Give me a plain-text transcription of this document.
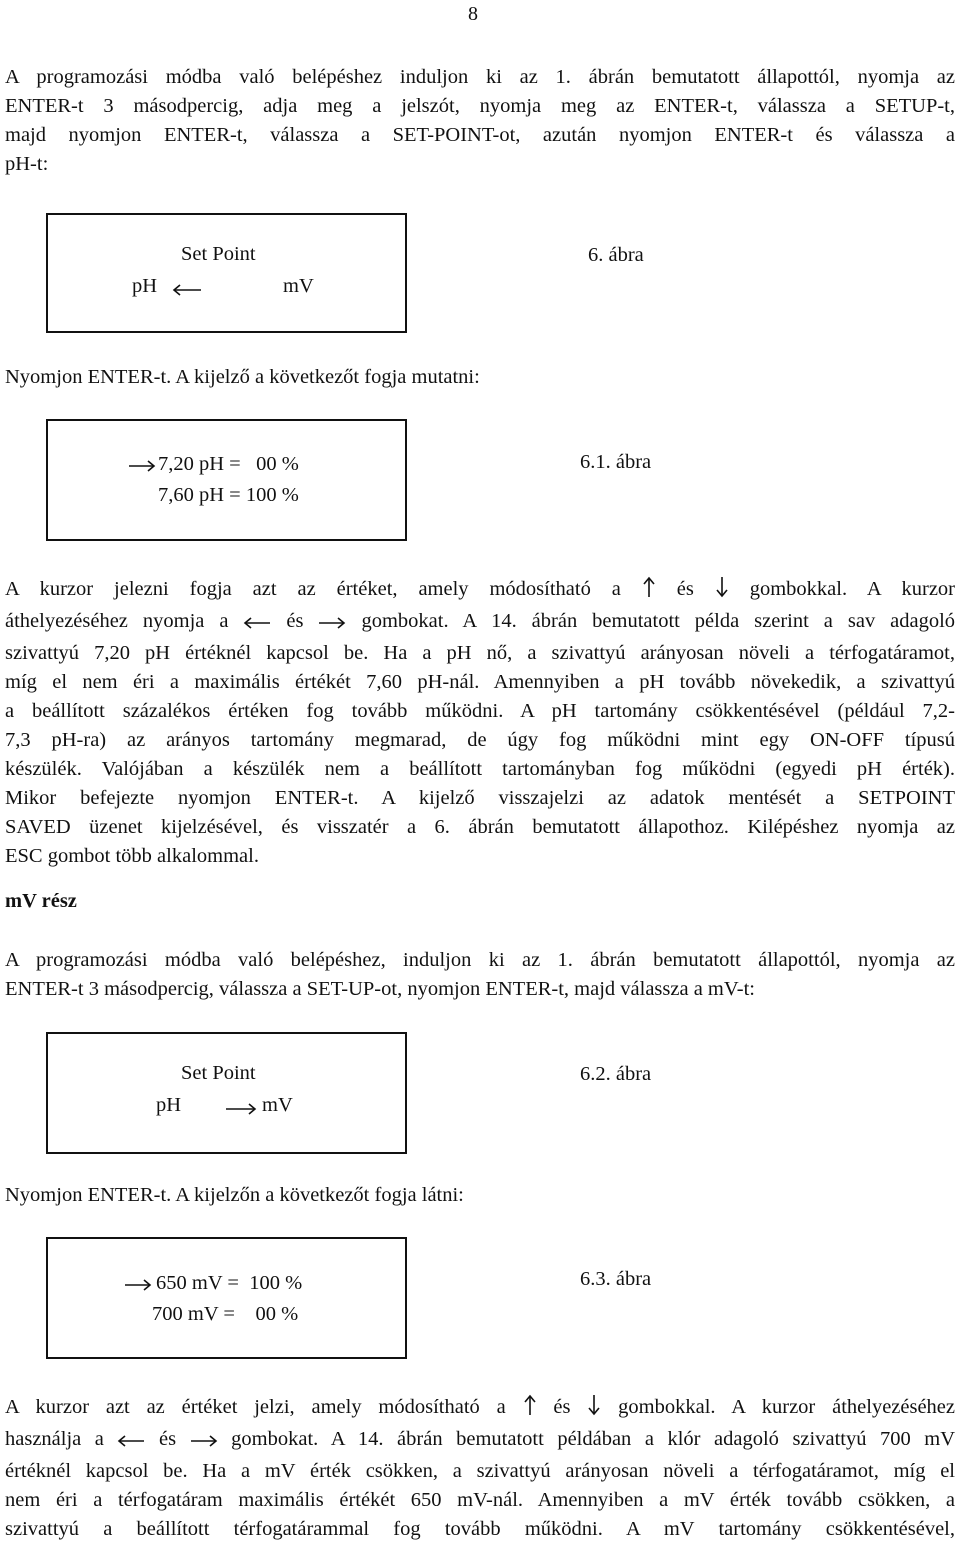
8
A programozási módba való belépéshez induljon ki az 1. ábrán bemutatott állapottól, nyomja az
ENTER-t 3 másodpercig, adja meg a jelszót, nyomja meg az ENTER-t, válassza a SETUP-t,
majd nyomjon ENTER-t, válassza a SET-POINT-ot, azután nyomjon ENTER-t és válassza a
pH-t:
Set Point
pH	mV
6. ábra
Nyomjon ENTER-t. A kijelző a következőt fogja mutatni:
7,20 pH =   00 %
7,60 pH = 100 %
6.1. ábra
A kurzor jelezni fogja azt az értéket, amely módosítható a	és	gombokkal. A kurzor
áthelyezéséhez nyomja a	és	gombokat. A 14. ábrán bemutatott példa szerint a sav adagoló
szivattyú 7,20 pH értéknél kapcsol be. Ha a pH nő, a szivattyú arányosan növeli a térfogatáramot,
míg el nem éri a maximális értékét 7,60 pH-nál. Amennyiben a pH tovább növekedik, a szivattyú
a beállított százalékos értéken fog tovább működni. A pH tartomány csökkentésével (például 7,2-
7,3 pH-ra) az arányos tartomány megmarad, de úgy fog működni mint egy ON-OFF típusú
készülék. Valójában a készülék nem a beállított tartományban fog működni (egyedi pH érték).
Mikor befejezte nyomjon ENTER-t. A kijelző visszajelzi az adatok mentését a SETPOINT
SAVED üzenet kijelzésével, és visszatér a 6. ábrán bemutatott állapothoz. Kilépéshez nyomja az
ESC gombot több alkalommal.
mV rész
A programozási módba való belépéshez, induljon ki az 1. ábrán bemutatott állapottól, nyomja az
ENTER-t 3 másodpercig, válassza a SET-UP-ot, nyomjon ENTER-t, majd válassza a mV-t:
Set Point
pH	mV
6.2. ábra
Nyomjon ENTER-t. A kijelzőn a következőt fogja látni:
650 mV =  100 %
700 mV =    00 %
6.3. ábra
A kurzor azt az értéket jelzi, amely módosítható a és gombokkal. A kurzor áthelyezéséhez
használja a	és	gombokat. A 14. ábrán bemutatott példában a klór adagoló szivattyú 700 mV
értéknél kapcsol be. Ha a mV érték csökken, a szivattyú arányosan növeli a térfogatáramot, míg el
nem éri a térfogatáram maximális értékét 650 mV-nál. Amennyiben a mV érték tovább csökken, a
szivattyú a beállított térfogatárammal fog tovább működni. A mV tartomány csökkentésével,
